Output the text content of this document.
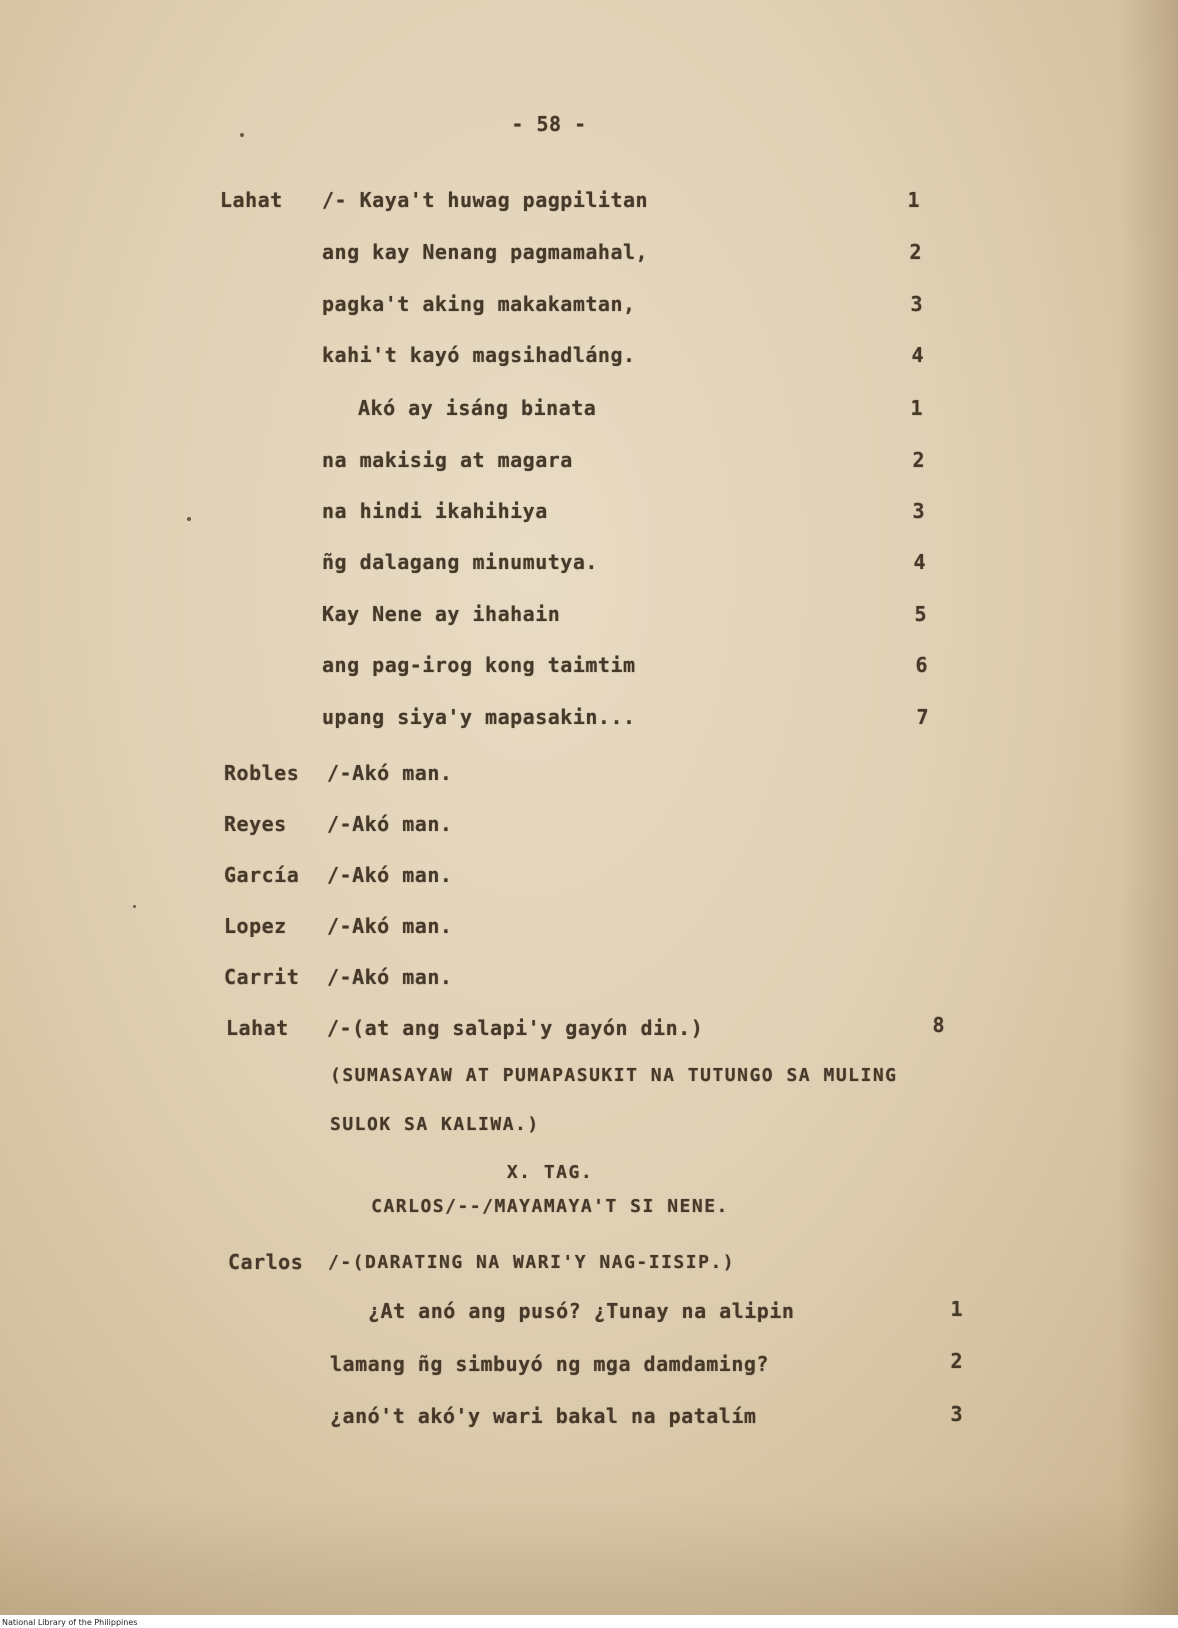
- 58 -
Lahat /- Kaya't huwag pagpilitan	1
ang kay Nenang pagmamahal,	2
pagka't aking makakamtan,	3
kahi't kayó magsihadláng.	4
Akó ay isáng binata	1
na makisig at magara	2
na hindi ikahihiya	3
ñg dalagang minumutya.	4
Kay Nene ay ihahain	5
ang pag-irog kong taimtim	6
upang siya'y mapasakin...	7
Robles /-Akó man.
Reyes /-Akó man.
García /-Akó man.
Lopez /-Akó man.
Carrit /-Akó man.
Lahat /-(at ang salapi'y gayón din.)	8
(SUMASAYAW AT PUMAPASUKIT NA TUTUNGO SA MULING
SULOK SA KALIWA.)
X. TAG.
CARLOS/--/MAYAMAYA'T SI NENE.
Carlos /-(DARATING NA WARI'Y NAG-IISIP.)
¿At anó ang pusó? ¿Tunay na alipin	1
lamang ñg simbuyó ng mga damdaming?	2
¿anó't akó'y wari bakal na patalím	3
National Library of the Philippines
